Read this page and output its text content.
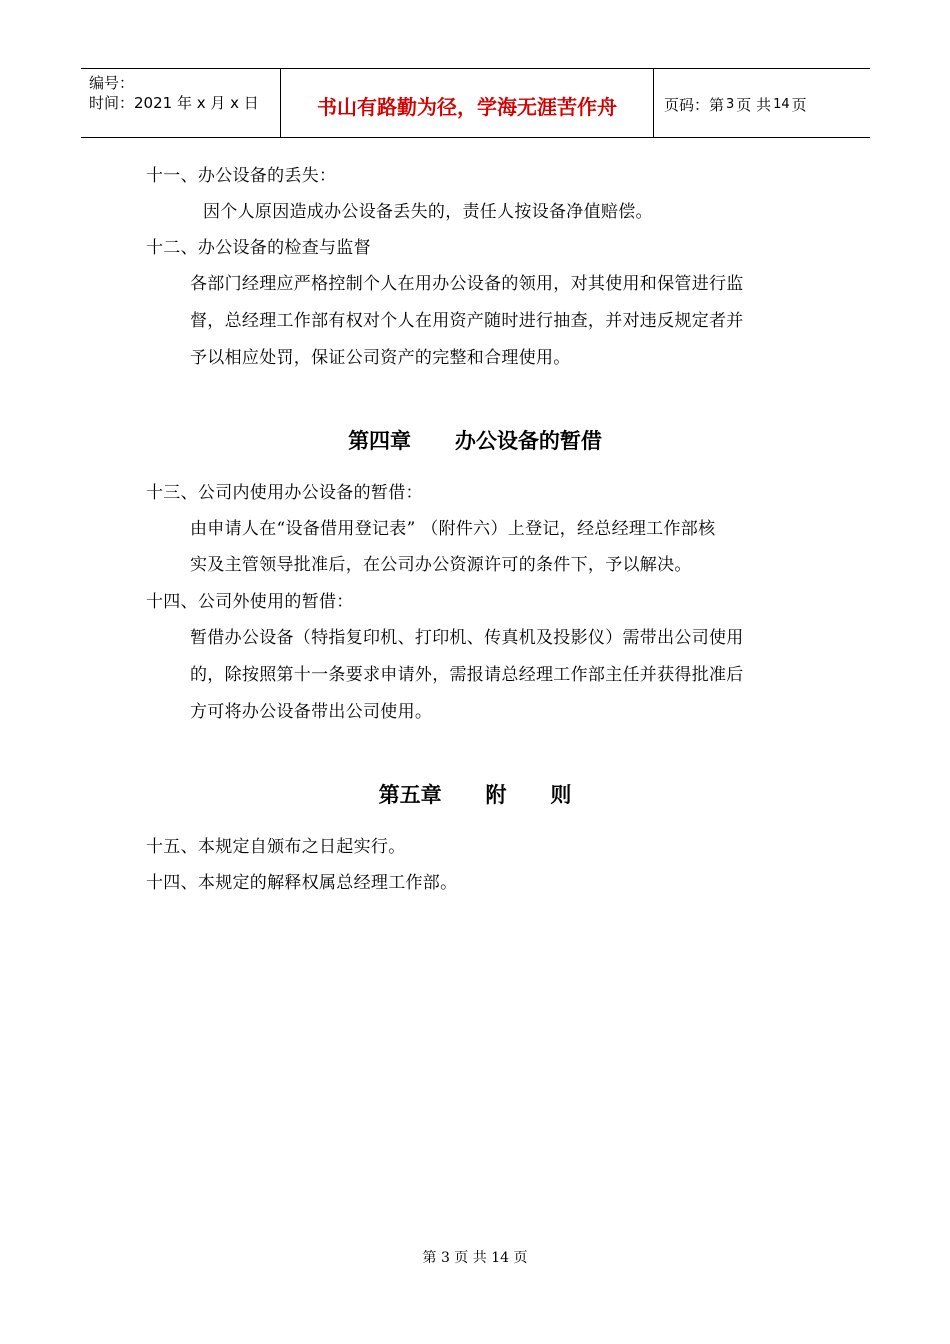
编号：
时间：2021 年 x 月 x 日	书山有路勤为径，学海无涯苦作舟	页码：第 3 页 共 14 页
十一、办公设备的丢失：
因个人原因造成办公设备丢失的，责任人按设备净值赔偿。
十二、办公设备的检查与监督
各部门经理应严格控制个人在用办公设备的领用，对其使用和保管进行监
督，总经理工作部有权对个人在用资产随时进行抽查，并对违反规定者并
予以相应处罚，保证公司资产的完整和合理使用。
第四章      办公设备的暂借
十三、公司内使用办公设备的暂借：
由申请人在“设备借用登记表” （附件六）上登记，经总经理工作部核
实及主管领导批准后，在公司办公资源许可的条件下，予以解决。
十四、公司外使用的暂借：
暂借办公设备（特指复印机、打印机、传真机及投影仪）需带出公司使用
的，除按照第十一条要求申请外，需报请总经理工作部主任并获得批准后
方可将办公设备带出公司使用。
第五章      附      则
十五、本规定自颁布之日起实行。
十四、本规定的解释权属总经理工作部。
第 3 页 共 14 页
